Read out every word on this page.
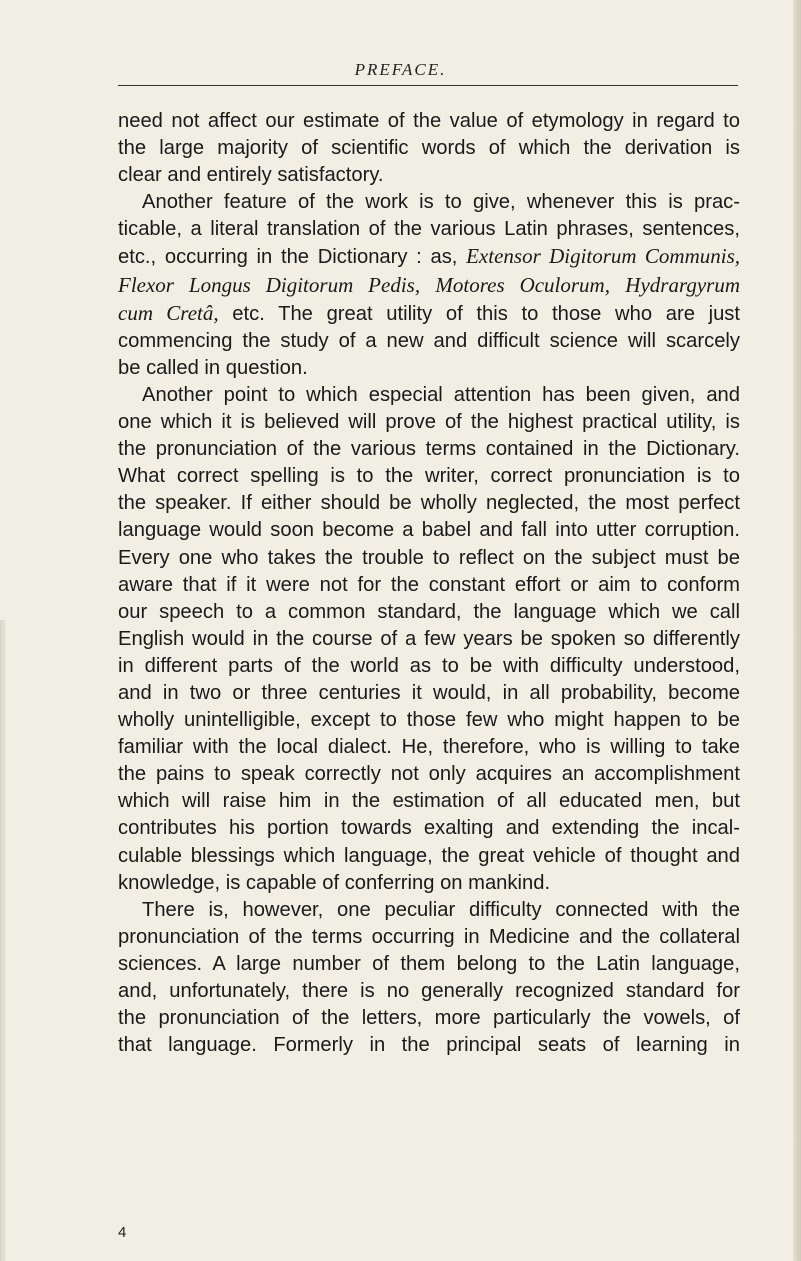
PREFACE.

need not affect our estimate of the value of etymology in regard to
the large majority of scientific words of which the derivation is
clear and entirely satisfactory.

Another feature of the work is to give, whenever this is prac-
ticable, a literal translation of the various Latin phrases, sentences,
etc., occurring in the Dictionary : as, Extensor Digitorum Communis,
Flexor Longus Digitorum Pedis, Motores Oculorum, Hydrargyrum
cum Cretâ, etc. The great utility of this to those who are just
commencing the study of a new and difficult science will scarcely
be called in question.

Another point to which especial attention has been given, and
one which it is believed will prove of the highest practical utility, is
the pronunciation of the various terms contained in the Dictionary.
What correct spelling is to the writer, correct pronunciation is to
the speaker. If either should be wholly neglected, the most perfect
language would soon become a babel and fall into utter corruption.
Every one who takes the trouble to reflect on the subject must be
aware that if it were not for the constant effort or aim to conform
our speech to a common standard, the language which we call
English would in the course of a few years be spoken so differently
in different parts of the world as to be with difficulty understood,
and in two or three centuries it would, in all probability, become
wholly unintelligible, except to those few who might happen to be
familiar with the local dialect. He, therefore, who is willing to take
the pains to speak correctly not only acquires an accomplishment
which will raise him in the estimation of all educated men, but
contributes his portion towards exalting and extending the incal-
culable blessings which language, the great vehicle of thought and
knowledge, is capable of conferring on mankind.

There is, however, one peculiar difficulty connected with the
pronunciation of the terms occurring in Medicine and the collateral
sciences. A large number of them belong to the Latin language,
and, unfortunately, there is no generally recognized standard for
the pronunciation of the letters, more particularly the vowels, of
that language. Formerly in the principal seats of learning in

4
